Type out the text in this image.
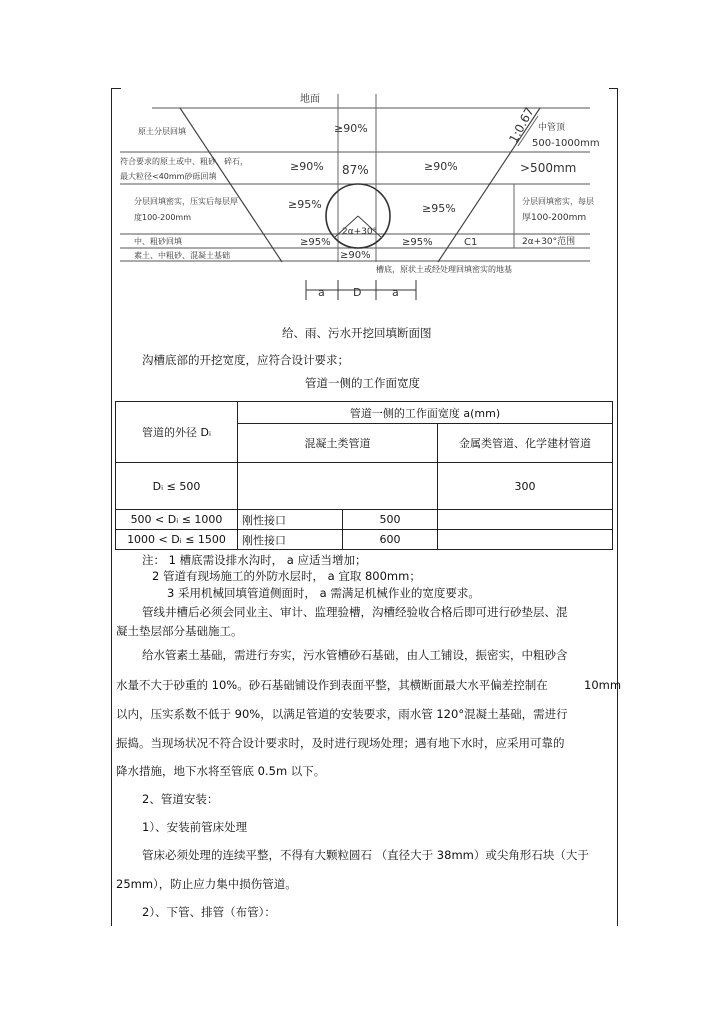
地面
1:0.67
原土分层回填
符合要求的原土或中、粗砂、碎石，
最大粒径<40mm砂砾回填
分层回填密实，压实后每层厚
度100-200mm
中、粗砂回填
素土、中粗砂、混凝土基础
中管顶
500-1000mm
分层回填密实，每层
厚100-200mm
≥90%
≥90% 87%	≥90%
≥95%	≥95%
≥95%	≥95%
≥90%
>500mm
2α+30°
2α+30°范围
C1
槽底，原状土或经处理回填密实的地基
a	D	a
给、雨、污水开挖回填断面图
沟槽底部的开挖宽度，应符合设计要求；
管道一侧的工作面宽度
管道的外径 Dᵢ	管道一侧的工作面宽度 a(mm)		
	混凝土类管道		金属类管道、化学建材管道
Dᵢ ≤ 500			300
500 < Dᵢ ≤ 1000	刚性接口	500	
1000 < Dᵢ ≤ 1500	刚性接口	600	
注： 1 槽底需设排水沟时， a 应适当增加；
2 管道有现场施工的外防水层时， a 宜取 800mm；
3 采用机械回填管道侧面时， a 需满足机械作业的宽度要求。
管线井槽后必须会同业主、审计、监理验槽，沟槽经验收合格后即可进行砂垫层、混
凝土垫层部分基础施工。
给水管素土基础，需进行夯实，污水管槽砂石基础，由人工铺设，振密实，中粗砂含
水量不大于砂重的 10%。砂石基础铺设作到表面平整，其横断面最大水平偏差控制在	10mm
以内，压实系数不低于 90%，以满足管道的安装要求，雨水管 120°混凝土基础，需进行
振捣。当现场状况不符合设计要求时，及时进行现场处理；遇有地下水时，应采用可靠的
降水措施，地下水将至管底 0.5m 以下。
2、管道安装：
1）、安装前管床处理
管床必须处理的连续平整，不得有大颗粒圆石 （直径大于 38mm）或尖角形石块（大于
25mm），防止应力集中损伤管道。
2）、下管、排管（布管）：
